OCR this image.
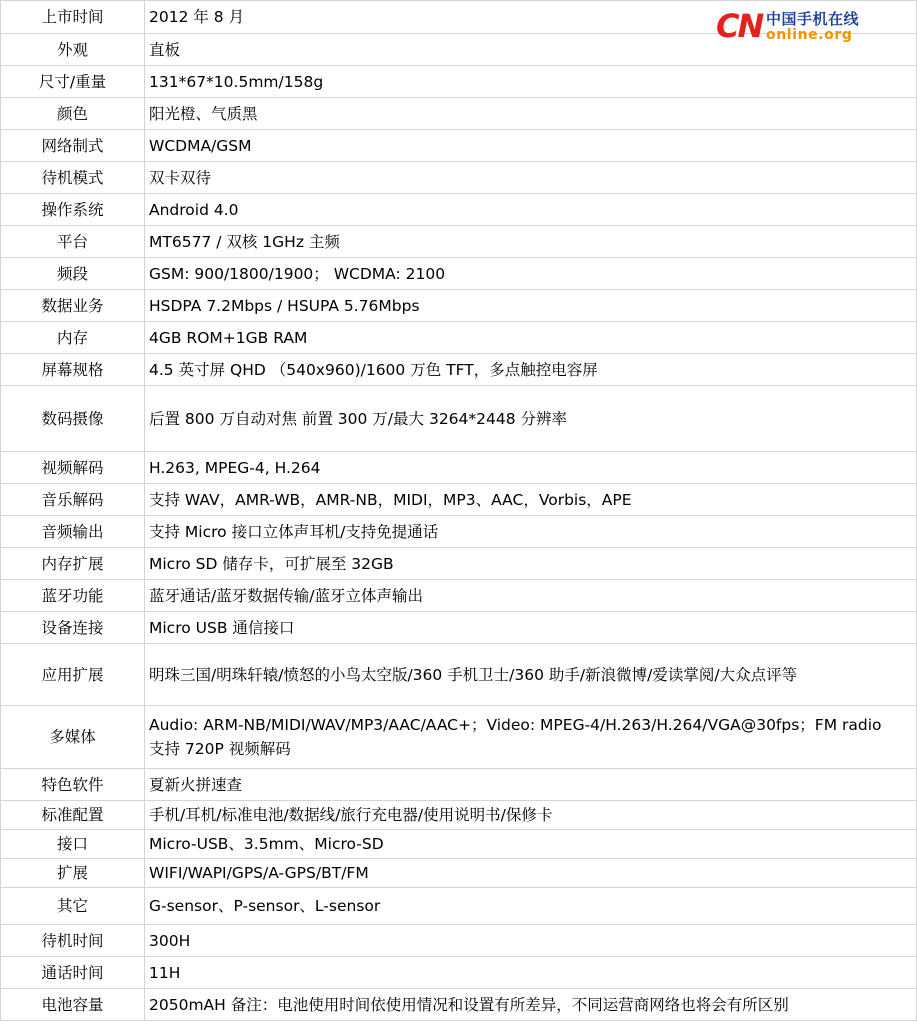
上市时间	2012 年 8 月

外观	直板

尺寸/重量	131*67*10.5mm/158g

颜色	阳光橙、气质黑

网络制式	WCDMA/GSM

待机模式	双卡双待

操作系统	Android 4.0

平台	MT6577 / 双核 1GHz 主频

频段	GSM: 900/1800/1900； WCDMA: 2100

数据业务	HSDPA 7.2Mbps / HSUPA 5.76Mbps

内存	4GB ROM+1GB RAM

屏幕规格	4.5 英寸屏 QHD （540x960)/1600 万色 TFT，多点触控电容屏

数码摄像	后置 800 万自动对焦 前置 300 万/最大 3264*2448 分辨率

视频解码	H.263, MPEG-4, H.264

音乐解码	支持 WAV，AMR-WB，AMR-NB，MIDI，MP3、AAC，Vorbis，APE

音频输出	支持 Micro 接口立体声耳机/支持免提通话

内存扩展	Micro SD 储存卡，可扩展至 32GB

蓝牙功能	蓝牙通话/蓝牙数据传输/蓝牙立体声输出

设备连接	Micro USB 通信接口

应用扩展	明珠三国/明珠轩辕/愤怒的小鸟太空版/360 手机卫士/360 助手/新浪微博/爱读掌阅/大众点评等

多媒体	Audio: ARM-NB/MIDI/WAV/MP3/AAC/AAC+；Video: MPEG-4/H.263/H.264/VGA@30fps；FM radio
支持 720P 视频解码

特色软件	夏新火拼速查

标准配置	手机/耳机/标准电池/数据线/旅行充电器/使用说明书/保修卡

接口	Micro-USB、3.5mm、Micro-SD

扩展	WIFI/WAPI/GPS/A-GPS/BT/FM

其它	G-sensor、P-sensor、L-sensor

待机时间	300H

通话时间	11H

电池容量	2050mAH 备注：电池使用时间依使用情况和设置有所差异，不同运营商网络也将会有所区别
CN 中国手机在线
online.org
